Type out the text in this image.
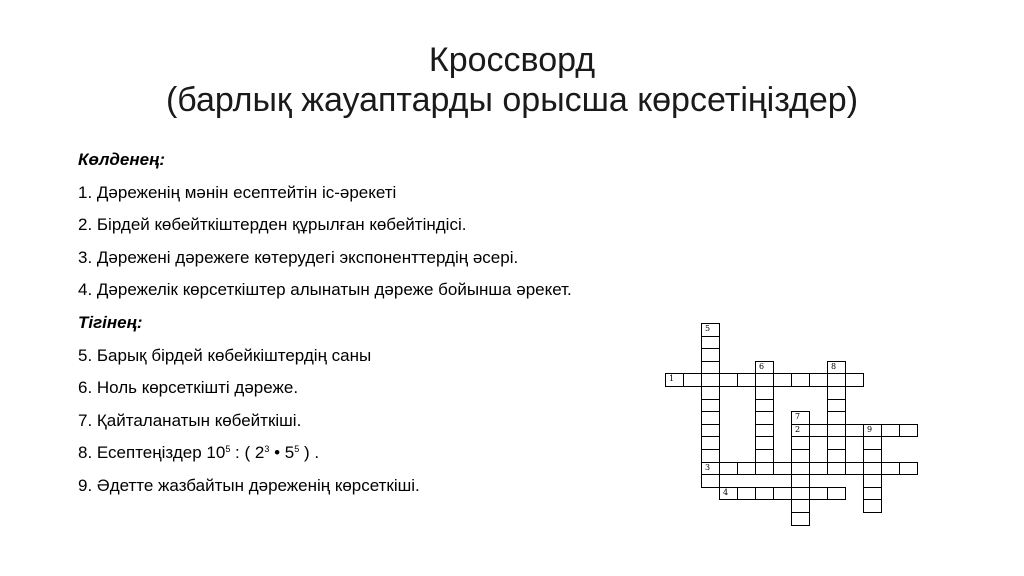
Кроссворд
(барлық жауаптарды орысша көрсетіңіздер)
Көлденең:
1. Дәреженің мәнін есептейтін іс-әрекеті
2. Бірдей көбейткіштерден құрылған көбейтіндісі.
3. Дәрежені дәрежеге көтерудегі экспоненттердің әсері.
4. Дәрежелік көрсеткіштер алынатын дәреже бойынша әрекет.
Тігінең:
5. Барық бірдей көбейкіштердің саны
6. Ноль көрсеткішті дәреже.
7. Қайталанатын көбейткіші.
8. Есептеңіздер $10^5$ : ( $2^3$ • $5^5$ ) .
9. Әдетте жазбайтын дәреженің көрсеткіші.
5
1
6	8
7
2	9
3
4
